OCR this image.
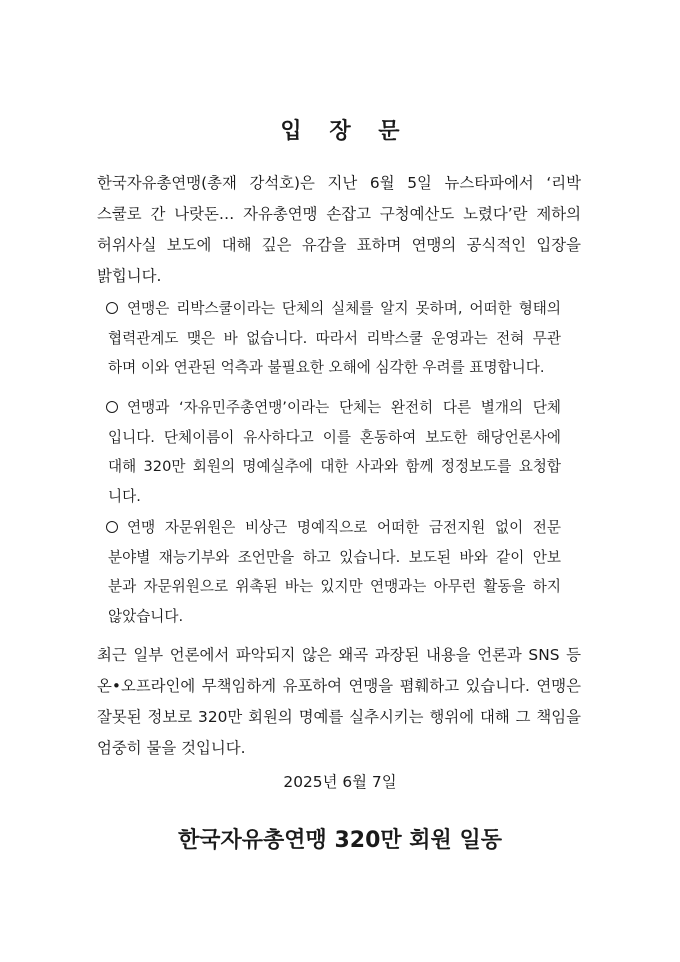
입 장 문
한국자유총연맹(총재 강석호)은 지난 6월 5일 뉴스타파에서 ‘리박
스쿨로 간 나랏돈… 자유총연맹 손잡고 구청예산도 노렸다’란 제하의
허위사실 보도에 대해 깊은 유감을 표하며 연맹의 공식적인 입장을
밝힙니다.
연맹은 리박스쿨이라는 단체의 실체를 알지 못하며, 어떠한 형태의
협력관계도 맺은 바 없습니다. 따라서 리박스쿨 운영과는 전혀 무관
하며 이와 연관된 억측과 불필요한 오해에 심각한 우려를 표명합니다.
연맹과 ‘자유민주총연맹’이라는 단체는 완전히 다른 별개의 단체
입니다. 단체이름이 유사하다고 이를 혼동하여 보도한 해당언론사에
대해 320만 회원의 명예실추에 대한 사과와 함께 정정보도를 요청합
니다.
연맹 자문위원은 비상근 명예직으로 어떠한 금전지원 없이 전문
분야별 재능기부와 조언만을 하고 있습니다. 보도된 바와 같이 안보
분과 자문위원으로 위촉된 바는 있지만 연맹과는 아무런 활동을 하지
않았습니다.
최근 일부 언론에서 파악되지 않은 왜곡 과장된 내용을 언론과 SNS 등
온•오프라인에 무책임하게 유포하여 연맹을 폄훼하고 있습니다. 연맹은
잘못된 정보로 320만 회원의 명예를 실추시키는 행위에 대해 그 책임을
엄중히 물을 것입니다.
2025년 6월 7일
한국자유총연맹 320만 회원 일동
